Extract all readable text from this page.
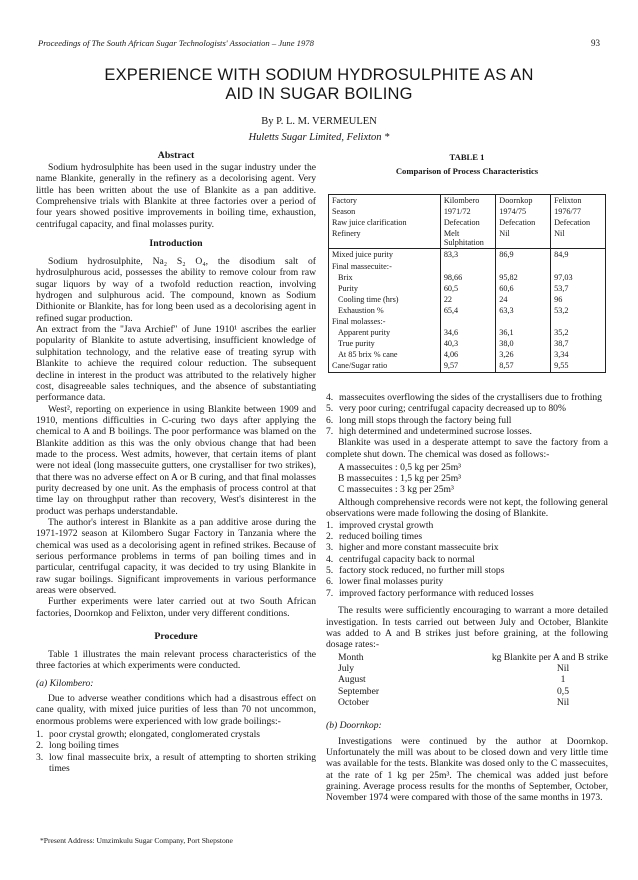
Proceedings of The South African Sugar Technologists' Association – June 1978	93
EXPERIENCE WITH SODIUM HYDROSULPHITE AS AN
AID IN SUGAR BOILING
By P. L. M. VERMEULEN
Huletts Sugar Limited, Felixton *
Abstract

Sodium hydrosulphite has been used in the sugar industry under the name Blankite, generally in the refinery as a decolorising agent. Very little has been written about the use of Blankite as a pan additive. Comprehensive trials with Blankite at three factories over a period of four years showed positive improvements in boiling time, exhaustion, centrifugal capacity, and final molasses purity.

Introduction

Sodium hydrosulphite, Na₂ S₂ O₄, the disodium salt of hydrosulphurous acid, possesses the ability to remove colour from raw sugar liquors by way of a twofold reduction reaction, involving hydrogen and sulphurous acid. The compound, known as Sodium Dithionite or Blankite, has for long been used as a decolorising agent in refined sugar production.

An extract from the "Java Archief" of June 1910¹ ascribes the earlier popularity of Blankite to astute advertising, insufficient knowledge of sulphitation technology, and the relative ease of treating syrup with Blankite to achieve the required colour reduction. The subsequent decline in interest in the product was attributed to the relatively higher cost, disagreeable sales techniques, and the absence of substantiating performance data.

West², reporting on experience in using Blankite between 1909 and 1910, mentions difficulties in C-curing two days after applying the chemical to A and B boilings. The poor performance was blamed on the Blankite addition as this was the only obvious change that had been made to the process. West admits, however, that certain items of plant were not ideal (long massecuite gutters, one crystalliser for two strikes), that there was no adverse effect on A or B curing, and that final molasses purity decreased by one unit. As the emphasis of process control at that time lay on throughput rather than recovery, West's disinterest in the product was perhaps understandable.

The author's interest in Blankite as a pan additive arose during the 1971-1972 season at Kilombero Sugar Factory in Tanzania where the chemical was used as a decolorising agent in refined strikes. Because of serious performance problems in terms of pan boiling times and in particular, centrifugal capacity, it was decided to try using Blankite in raw sugar boilings. Significant improvements in various performance areas were observed.

Further experiments were later carried out at two South African factories, Doornkop and Felixton, under very different conditions.

Procedure

Table 1 illustrates the main relevant process characteristics of the three factories at which experiments were conducted.

(a) Kilombero:

Due to adverse weather conditions which had a disastrous effect on cane quality, with mixed juice purities of less than 70 not uncommon, enormous problems were experienced with low grade boilings:-

1. poor crystal growth; elongated, conglomerated crystals
2. long boiling times
3. low final massecuite brix, a result of attempting to shorten striking times
*Present Address: Umzimkulu Sugar Company, Port Shepstone
TABLE 1
Comparison of Process Characteristics
Factory	Kilombero	Doornkop	Felixton
Season	1971/72	1974/75	1976/77
Raw juice clarification	Defecation	Defecation	Defecation
Refinery	Melt Sulphitation	Nil	Nil
Mixed juice purity	83,3	86,9	84,9
Final massecuite:-			
Brix	98,66	95,82	97,03
Purity	60,5	60,6	53,7
Cooling time (hrs)	22	24	96
Exhaustion %	65,4	63,3	53,2
Final molasses:-			
Apparent purity	34,6	36,1	35,2
True purity	40,3	38,0	38,7
At 85 brix % cane	4,06	3,26	3,34
Cane/Sugar ratio	9,57	8,57	9,55
4. massecuites overflowing the sides of the crystallisers due to frothing
5. very poor curing; centrifugal capacity decreased up to 80%
6. long mill stops through the factory being full
7. high determined and undetermined sucrose losses.

Blankite was used in a desperate attempt to save the factory from a complete shut down. The chemical was dosed as follows:-

A massecuites : 0,5 kg per 25m³
B massecuites : 1,5 kg per 25m³
C massecuites : 3 kg per 25m³

Although comprehensive records were not kept, the following general observations were made following the dosing of Blankite.

1. improved crystal growth
2. reduced boiling times
3. higher and more constant massecuite brix
4. centrifugal capacity back to normal
5. factory stock reduced, no further mill stops
6. lower final molasses purity
7. improved factory performance with reduced losses

The results were sufficiently encouraging to warrant a more detailed investigation. In tests carried out between July and October, Blankite was added to A and B strikes just before graining, at the following dosage rates:-

Month	kg Blankite per A and B strike
July	Nil
August	1
September	0,5
October	Nil
(b) Doornkop:

Investigations were continued by the author at Doornkop. Unfortunately the mill was about to be closed down and very little time was available for the tests. Blankite was dosed only to the C massecuites, at the rate of 1 kg per 25m³. The chemical was added just before graining. Average process results for the months of September, October, November 1974 were compared with those of the same months in 1973.
